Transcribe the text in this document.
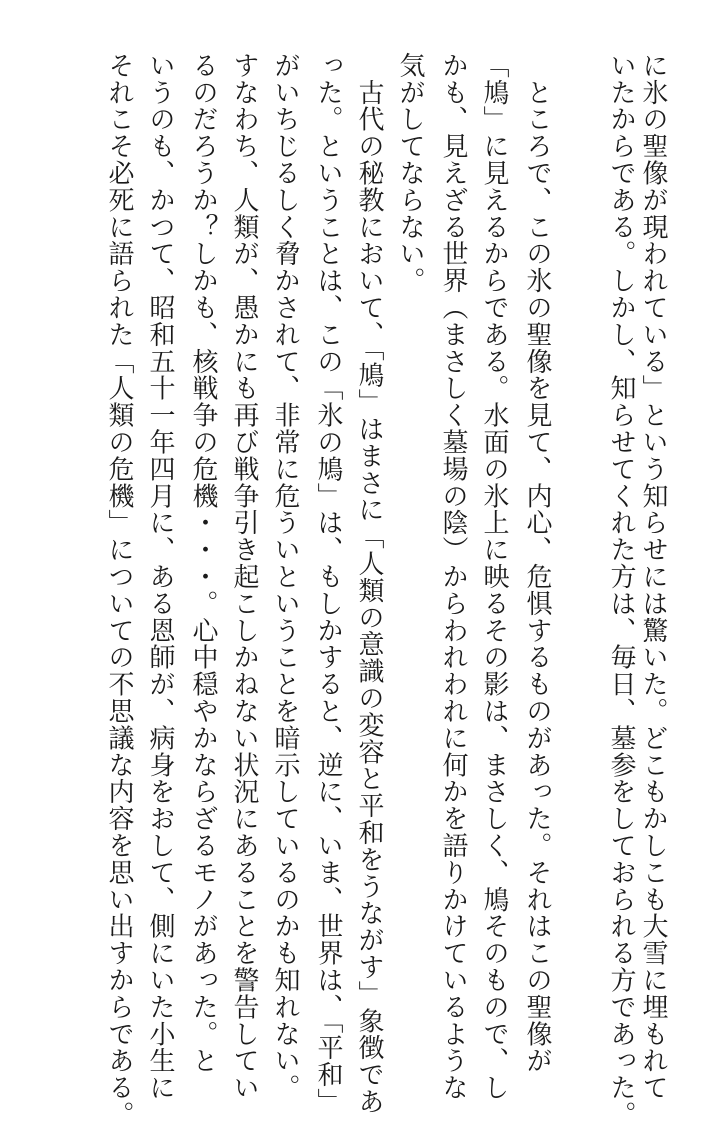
に氷の聖像が現われている」という知らせには驚いた。どこもかしこも大雪に埋もれて
いたからである。しかし、知らせてくれた方は、毎日、墓参をしておられる方であった。
　ところで、この氷の聖像を見て、内心、危惧するものがあった。それはこの聖像が
「鳩」に見えるからである。水面の氷上に映るその影は、まさしく、鳩そのもので、し
かも、見えざる世界（まさしく墓場の陰）からわれわれに何かを語りかけているような
気がしてならない。
　古代の秘教において、「鳩」はまさに「人類の意識の変容と平和をうながす」象徴であ
った。ということは、この「氷の鳩」は、もしかすると、逆に、いま、世界は、「平和」
がいちじるしく脅かされて、非常に危ういということを暗示しているのかも知れない。
すなわち、人類が、愚かにも再び戦争引き起こしかねない状況にあることを警告してい
るのだろうか？しかも、核戦争の危機・・・。心中穏やかならざるモノがあった。と
いうのも、かつて、昭和五十一年四月に、ある恩師が、病身をおして、側にいた小生に
それこそ必死に語られた「人類の危機」についての不思議な内容を思い出すからである。
